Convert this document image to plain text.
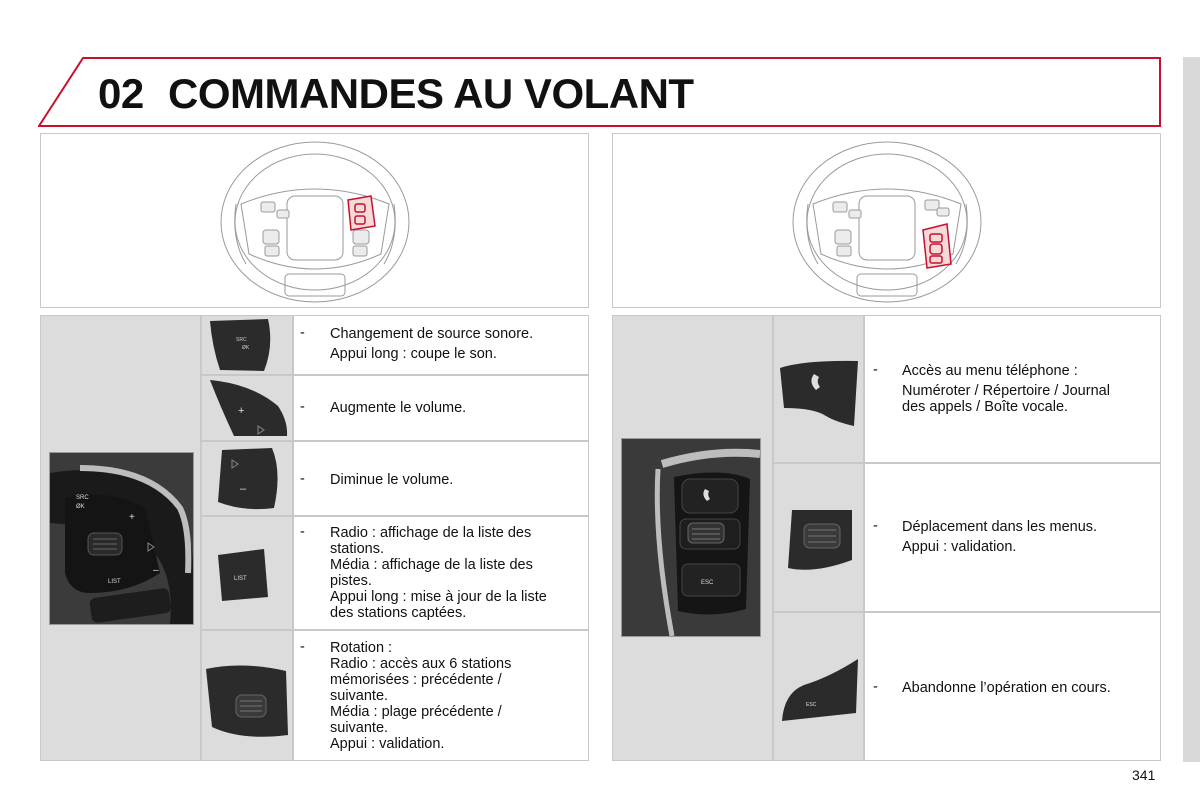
02 COMMANDES AU VOLANT
SRC
ØK
+
–
LIST
SRC
ØK
+
–
LIST
- Changement de source sonore.
Appui long : coupe le son.
- Augmente le volume.
- Diminue le volume.
- Radio : affichage de la liste des
stations.
Média : affichage de la liste des
pistes.
Appui long : mise à jour de la liste
des stations captées.
- Rotation :
Radio : accès aux 6 stations
mémorisées : précédente /
suivante.
Média : plage précédente /
suivante.
Appui : validation.
ESC
ESC
- Accès au menu téléphone :
Numéroter / Répertoire / Journal
des appels / Boîte vocale.
- Déplacement dans les menus.
Appui : validation.
- Abandonne l’opération en cours.
341
